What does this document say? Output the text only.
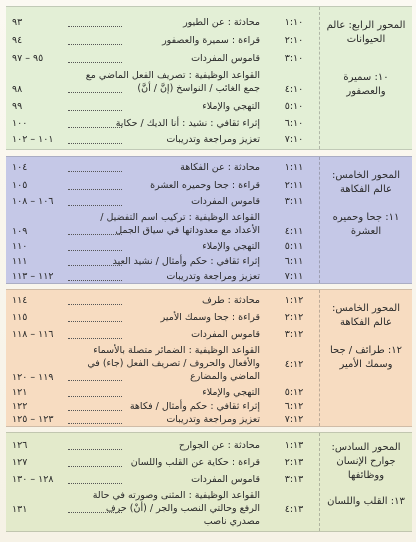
المحور الرابع: عالم الحيوانات
١٠: سميرة والعصفور
١:١٠
محادثة : عن الطيور
٩٣
٢:١٠
قراءة : سميرة والعصفور
٩٤
٣:١٠
قاموس المفردات
٩٥ – ٩٧
٤:١٠
القواعد الوظيفية : تصريف الفعل الماضي مع جمع الغائب / النواسخ (إنَّ / أنَّ)
٩٨
٥:١٠
التهجي والإملاء
٩٩
٦:١٠
إثراء ثقافي : نشيد : أنا الديك / حكاية
١٠٠
٧:١٠
تعزيز ومراجعة وتدريبات
١٠١ – ١٠٢
المحور الخامس: عالم الفكاهة
١١: جحا وحميره العشرة
١:١١
محادثة : عن الفكاهة
١٠٤
٢:١١
قراءة : جحا وحميره العشرة
١٠٥
٣:١١
قاموس المفردات
١٠٦ – ١٠٨
٤:١١
القواعد الوظيفية : تركيب اسم التفضيل / الأعداد مع معدوداتها في سياق الجمل
١٠٩
٥:١١
التهجي والإملاء
١١٠
٦:١١
إثراء ثقافي : حكم وأمثال / نشيد العيد
١١١
٧:١١
تعزيز ومراجعة وتدريبات
١١٢ – ١١٣
المحور الخامس: عالم الفكاهة
١٢: طرائف / جحا وسمك الأمير
١:١٢
محادثة : طرف
١١٤
٢:١٢
قراءة : جحا وسمك الأمير
١١٥
٣:١٢
قاموس المفردات
١١٦ – ١١٨
٤:١٢
القواعد الوظيفية : الضمائر متصلة بالأسماء والأفعال والحروف / تصريف الفعل (جاء) في الماضي والمضارع
١١٩ – ١٢٠
٥:١٢
التهجي والإملاء
١٢١
٦:١٢
إثراء ثقافي : حكم وأمثال / فكاهة
١٢٢
٧:١٢
تعزيز ومراجعة وتدريبات
١٢٣ – ١٢٥
المحور السادس: جوارح الإنسان ووظائفها
١٣: القلب واللسان
١:١٣
محادثة : عن الجوارح
١٢٦
٢:١٣
قراءة : حكاية عن القلب واللسان
١٢٧
٣:١٣
قاموس المفردات
١٢٨ – ١٣٠
٤:١٣
القواعد الوظيفية : المثنى وصورته في حالة الرفع وحالتي النصب والجر / (أنْ) حرف مصدري ناصب
١٣١
